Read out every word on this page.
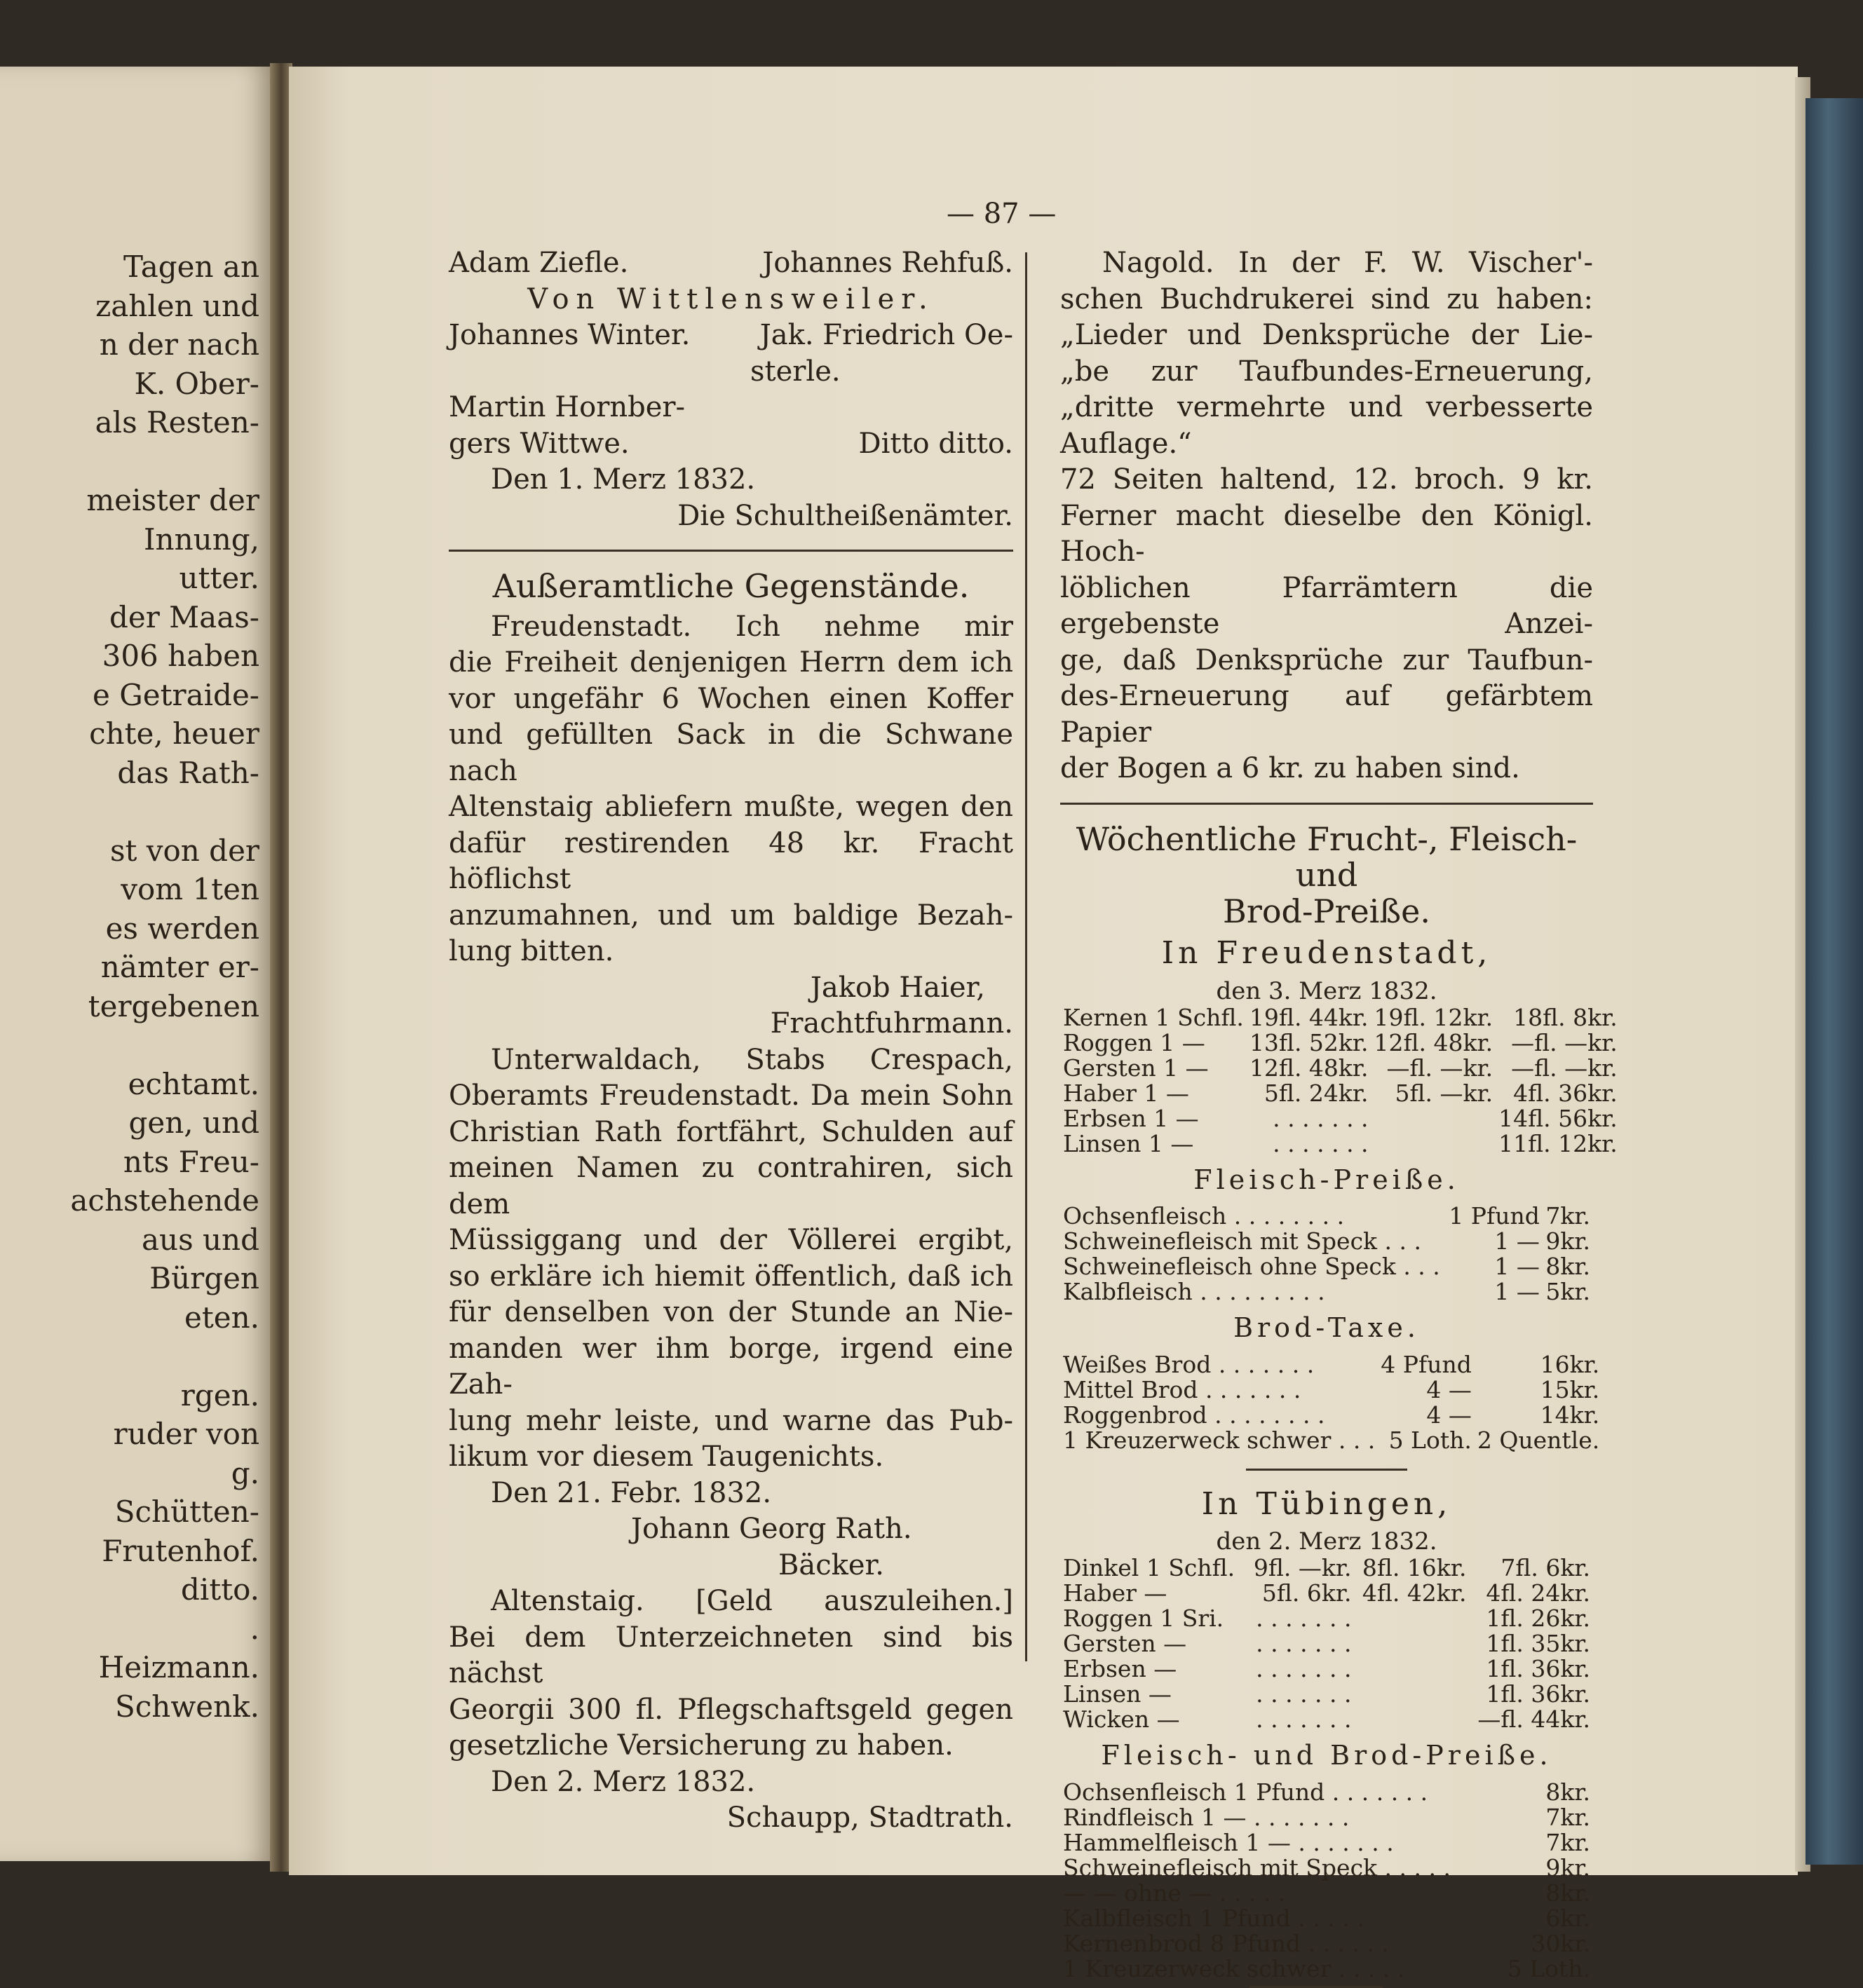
Tagen an
zahlen und
n der nach
K. Ober-
als Resten-
meister der
Innung,
utter.
der Maas-
306 haben
e Getraide-
chte, heuer
das Rath-
st von der
vom 1ten
es werden
nämter er-
tergebenen
echtamt.
gen, und
nts Freu-
achstehende
aus und
Bürgen
eten.
rgen.
ruder von
g.
Schütten-
Frutenhof.
ditto.
.
Heizmann.
Schwenk.
— 87 —
Adam Ziefle.	Johannes Rehfuß.
Von Wittlensweiler.
Johannes Winter. Jak. Friedrich Oe-
sterle.
Martin Hornber-
gers Wittwe.	Ditto ditto.
Den 1. Merz 1832.
Die Schultheißenämter.
Außeramtliche Gegenstände.
Freudenstadt. Ich nehme mir
die Freiheit denjenigen Herrn dem ich
vor ungefähr 6 Wochen einen Koffer
und gefüllten Sack in die Schwane nach
Altenstaig abliefern mußte, wegen den
dafür restirenden 48 kr. Fracht höflichst
anzumahnen, und um baldige Bezah-
lung bitten.
Jakob Haier,
Frachtfuhrmann.
Unterwaldach, Stabs Crespach,
Oberamts Freudenstadt. Da mein Sohn
Christian Rath fortfährt, Schulden auf
meinen Namen zu contrahiren, sich dem
Müssiggang und der Völlerei ergibt,
so erkläre ich hiemit öffentlich, daß ich
für denselben von der Stunde an Nie-
manden wer ihm borge, irgend eine Zah-
lung mehr leiste, und warne das Pub-
likum vor diesem Taugenichts.
Den 21. Febr. 1832.
Johann Georg Rath.
Bäcker.
Altenstaig. [Geld auszuleihen.]
Bei dem Unterzeichneten sind bis nächst
Georgii 300 fl. Pflegschaftsgeld gegen
gesetzliche Versicherung zu haben.
Den 2. Merz 1832.
Schaupp, Stadtrath.
Nagold. In der F. W. Vischer'-
schen Buchdrukerei sind zu haben:
„Lieder und Denksprüche der Lie-
„be zur Taufbundes-Erneuerung,
„dritte vermehrte und verbesserte Auflage.“
72 Seiten haltend, 12. broch. 9 kr.
Ferner macht dieselbe den Königl. Hoch-
löblichen Pfarrämtern die ergebenste Anzei-
ge, daß Denksprüche zur Taufbun-
des-Erneuerung auf gefärbtem Papier
der Bogen a 6 kr. zu haben sind.
Wöchentliche Frucht-, Fleisch- und
Brod-Preiße.
In Freudenstadt,
den 3. Merz 1832.
Kernen 1 Schfl.	19fl. 44kr.	19fl. 12kr.	18fl. 8kr.
Roggen 1 —	13fl. 52kr.	12fl. 48kr.	—fl. —kr.
Gersten 1 —	12fl. 48kr.	—fl. —kr.	—fl. —kr.
Haber 1 —	5fl. 24kr.	5fl. —kr.	4fl. 36kr.
Erbsen 1 —	. . . . . . .		14fl. 56kr.
Linsen 1 —	. . . . . . .		11fl. 12kr.
Fleisch-Preiße.
Ochsenfleisch . . . . . . . .	1 Pfund	7kr.
Schweinefleisch mit Speck . . .	1 —	9kr.
Schweinefleisch ohne Speck . . .	1 —	8kr.
Kalbfleisch . . . . . . . . .	1 —	5kr.
Brod-Taxe.
Weißes Brod . . . . . . .	4 Pfund	16kr.
Mittel Brod . . . . . . .	4 —	15kr.
Roggenbrod . . . . . . . .	4 —	14kr.
1 Kreuzerweck schwer . . .	5 Loth.	2 Quentle.
In Tübingen,
den 2. Merz 1832.
Dinkel 1 Schfl.	9fl. —kr.	8fl. 16kr.	7fl. 6kr.
Haber —	5fl. 6kr.	4fl. 42kr.	4fl. 24kr.
Roggen 1 Sri.	. . . . . . .		1fl. 26kr.
Gersten —	. . . . . . .		1fl. 35kr.
Erbsen —	. . . . . . .		1fl. 36kr.
Linsen —	. . . . . . .		1fl. 36kr.
Wicken —	. . . . . . .		—fl. 44kr.
Fleisch- und Brod-Preiße.
Ochsenfleisch 1 Pfund . . . . . . .	8kr.
Rindfleisch 1 — . . . . . . .	7kr.
Hammelfleisch 1 — . . . . . . .	7kr.
Schweinefleisch mit Speck . . . . .	9kr.
— — ohne — . . . . .	8kr.
Kalbfleisch 1 Pfund . . . . .	6kr.
Kernenbrod 8 Pfund . . . . . .	30kr.
1 Kreuzerweck schwer . . . . .	5 Loth.
